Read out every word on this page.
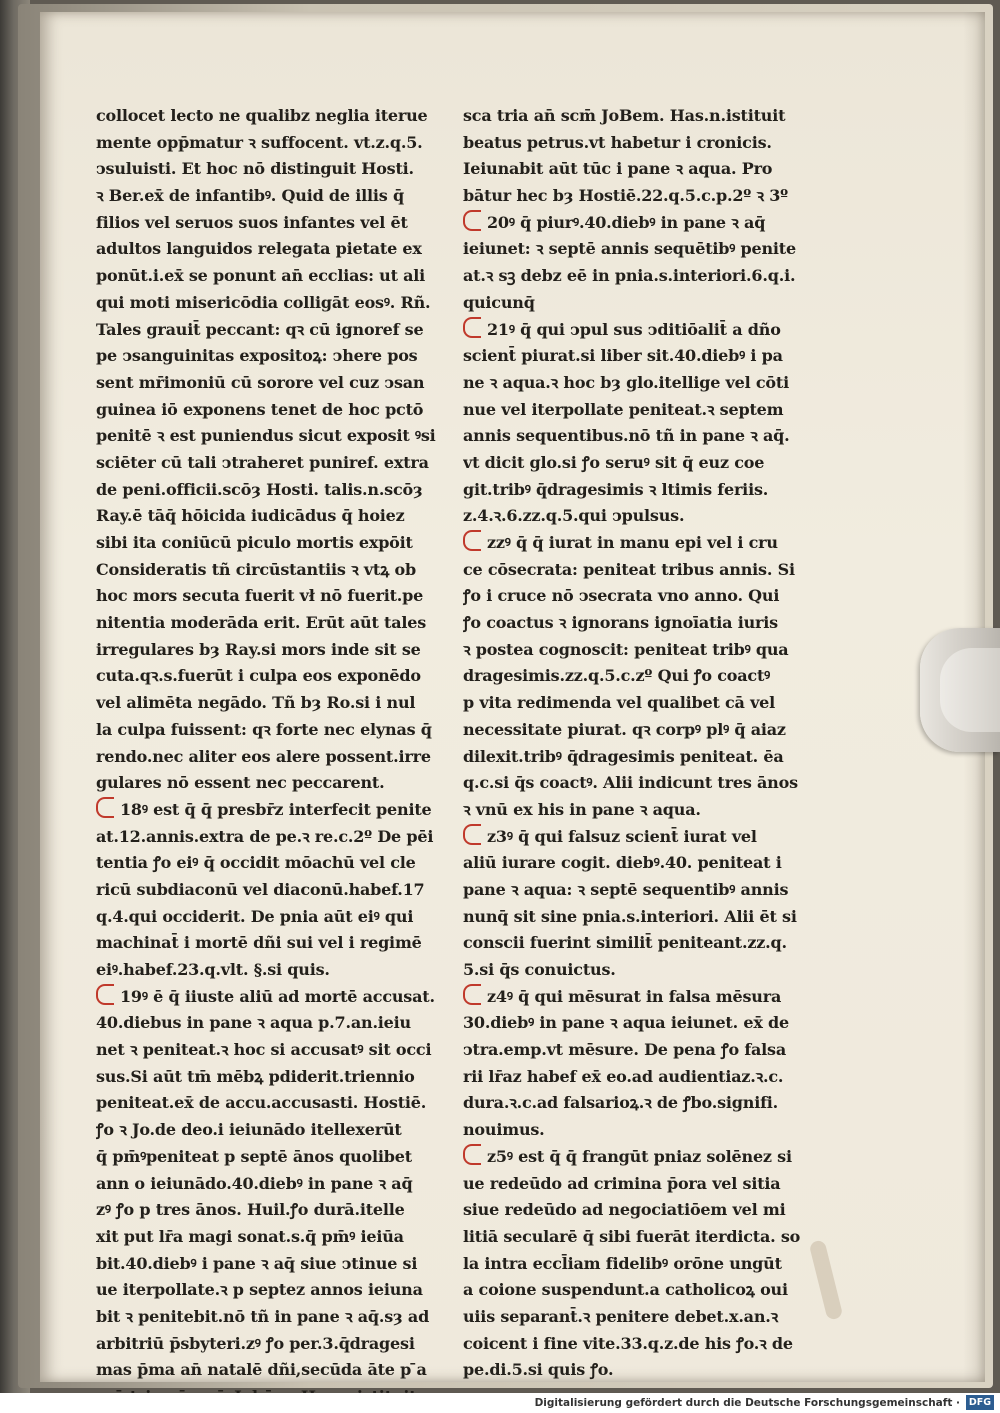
collocet lecto ne qualibz neglia iterue
mente opp̄matur ꝛ suffocent. vt.z.q.5.
ↄsuluisti. Et hoc nō distinguit Hosti.
ꝛ Ber.ex̄ de infantibꝰ. Quid de illis q̄
filios vel seruos suos infantes vel ēt
adultos languidos relegata pietate ex
ponūt.i.ex̄ se ponunt an̄ ecclias: ut ali
qui moti misericōdia colligāt eosꝰ. Rñ.
Tales grauit̄ peccant: qꝛ cū ignoref se
pe ↄsanguinitas expositoꝝ: ↄhere pos
sent mr̄imoniū cū sorore vel cuz ↄsan
guinea iō exponens tenet de hoc pctō
penitē ꝛ est puniendus sicut exposit ꝰsi
sciēter cū tali ↄtraheret puniref. extra
de peni.officii.scōȝ Hosti. talis.n.scōȝ
Ray.ē tāq̄ hōicida iudicādus q̄ hoiez
sibi ita coniūcū piculo mortis expōit
Consideratis tñ circūstantiis ꝛ vtꝝ ob
hoc mors secuta fuerit vł nō fuerit.pe
nitentia moderāda erit. Erūt aūt tales
irregulares bȝ Ray.si mors inde sit se
cuta.qꝛ.s.fuerūt i culpa eos exponēdo
vel alimēta negādo. Tñ bȝ Ro.si i nul
la culpa fuissent: qꝛ forte nec elynas q̄
rendo.nec aliter eos alere possent.irre
gulares nō essent nec peccarent.
18ꝰ est q̄ q̄ presbr̄z interfecit penite
at.12.annis.extra de pe.ꝛ re.c.2º De pēi
tentia ꝭo eiꝰ q̄ occidit mōachū vel cle
ricū subdiaconū vel diaconū.habef.17
q.4.qui occiderit. De pnia aūt eiꝰ qui
machinat̄ i mortē dñi sui vel i regimē
eiꝰ.habef.23.q.vlt. §.si quis.
19ꝰ ē q̄ iiuste aliū ad mortē accusat.
40.diebus in pane ꝛ aqua p.7.an.ieiu
net ꝛ peniteat.ꝛ hoc si accusatꝰ sit occi
sus.Si aūt tm̄ mēbꝝ pdiderit.triennio
peniteat.ex̄ de accu.accusasti. Hostiē.
ꝭo ꝛ Jo.de deo.i ieiunādo itellexerūt
q̄ pm̄ꝰpeniteat p septē ānos quolibet
ann o ieiunādo.40.diebꝰ in pane ꝛ aq̄
zꝰ ꝭo p tres ānos. Huil.ꝭo durā.itelle
xit put lr̄a magi sonat.s.q̄ pm̄ꝰ ieiūa
bit.40.diebꝰ i pane ꝛ aq̄ siue ↄtinue si
ue iterpollate.ꝛ p septez annos ieiuna
bit ꝛ penitebit.nō tñ in pane ꝛ aq̄.sȝ ad
arbitriū p̄sbyteri.zꝰ ꝭo per.3.q̄dragesi
mas p̄ma an̄ natalē dñi,secūda āte p ̄a
sca tria an̄ scm̄ JoBem. Has.n.istituit
beatus petrus.vt habetur i cronicis.
Ieiunabit aūt tūc i pane ꝛ aqua. Pro
bātur hec bȝ Hostiē.22.q.5.c.p.2º ꝛ 3º
20ꝰ q̄ piurꝰ.40.diebꝰ in pane ꝛ aq̄
ieiunet: ꝛ septē annis sequētibꝰ penite
at.ꝛ sꝫ debz eē in pnia.s.interiori.6.q.i.
quicunq̄
21ꝰ q̄ qui ↄpul sus ↄditiōalit̄ a dño
scient̄ piurat.si liber sit.40.diebꝰ i pa
ne ꝛ aqua.ꝛ hoc bȝ glo.itellige vel cōti
nue vel iterpollate peniteat.ꝛ septem
annis sequentibus.nō tñ in pane ꝛ aq̄.
vt dicit glo.si ꝭo seruꝰ sit q̄ euz coe
git.tribꝰ q̄dragesimis ꝛ ltimis feriis.
z.4.ꝛ.6.zz.q.5.qui ↄpulsus.
zzꝰ q̄ q̄ iurat in manu epi vel i cru
ce cōsecrata: peniteat tribus annis. Si
ꝭo i cruce nō ↄsecrata vno anno. Qui
ꝭo coactus ꝛ ignorans ignoīatia iuris
ꝛ postea cognoscit: peniteat tribꝰ qua
dragesimis.zz.q.5.c.zº Qui ꝭo coactꝰ
p vita redimenda vel qualibet cā vel
necessitate piurat. qꝛ corpꝰ plꝰ q̄ aiaz
dilexit.tribꝰ q̄dragesimis peniteat. ēa
q.c.si q̄s coactꝰ. Alii indicunt tres ānos
ꝛ vnū ex his in pane ꝛ aqua.
z3ꝰ q̄ qui falsuz scient̄ iurat vel
aliū iurare cogit. diebꝰ.40. peniteat i
pane ꝛ aqua: ꝛ septē sequentibꝰ annis
nunq̄ sit sine pnia.s.interiori. Alii ēt si
conscii fuerint similit̄ peniteant.zz.q.
5.si q̄s conuictus.
z4ꝰ q̄ qui mēsurat in falsa mēsura
30.diebꝰ in pane ꝛ aqua ieiunet. ex̄ de
ↄtra.emp.vt mēsure. De pena ꝭo falsa
rii lr̄az habef ex̄ eo.ad audientiaz.ꝛ.c.
dura.ꝛ.c.ad falsarioꝝ.ꝛ de ꝭbo.signifi.
nouimus.
z5ꝰ est q̄ q̄ frangūt pniaz solēnez si
ue redeūdo ad crimina p̄ora vel sitia
siue redeūdo ad negociatiōem vel mi
litiā secularē q̄ sibi fuerāt iterdicta. so
la intra eccl̄iam fidelibꝰ orōne ungūt
a coione suspendunt.a catholicoꝝ oui
uiis separant̄.ꝛ penitere debet.x.an.ꝛ
coicent i fine vite.33.q.z.de his ꝭo.ꝛ de
pe.di.5.si quis ꝭo.
Digitalisierung gefördert durch die Deutsche Forschungsgemeinschaft · DFG
